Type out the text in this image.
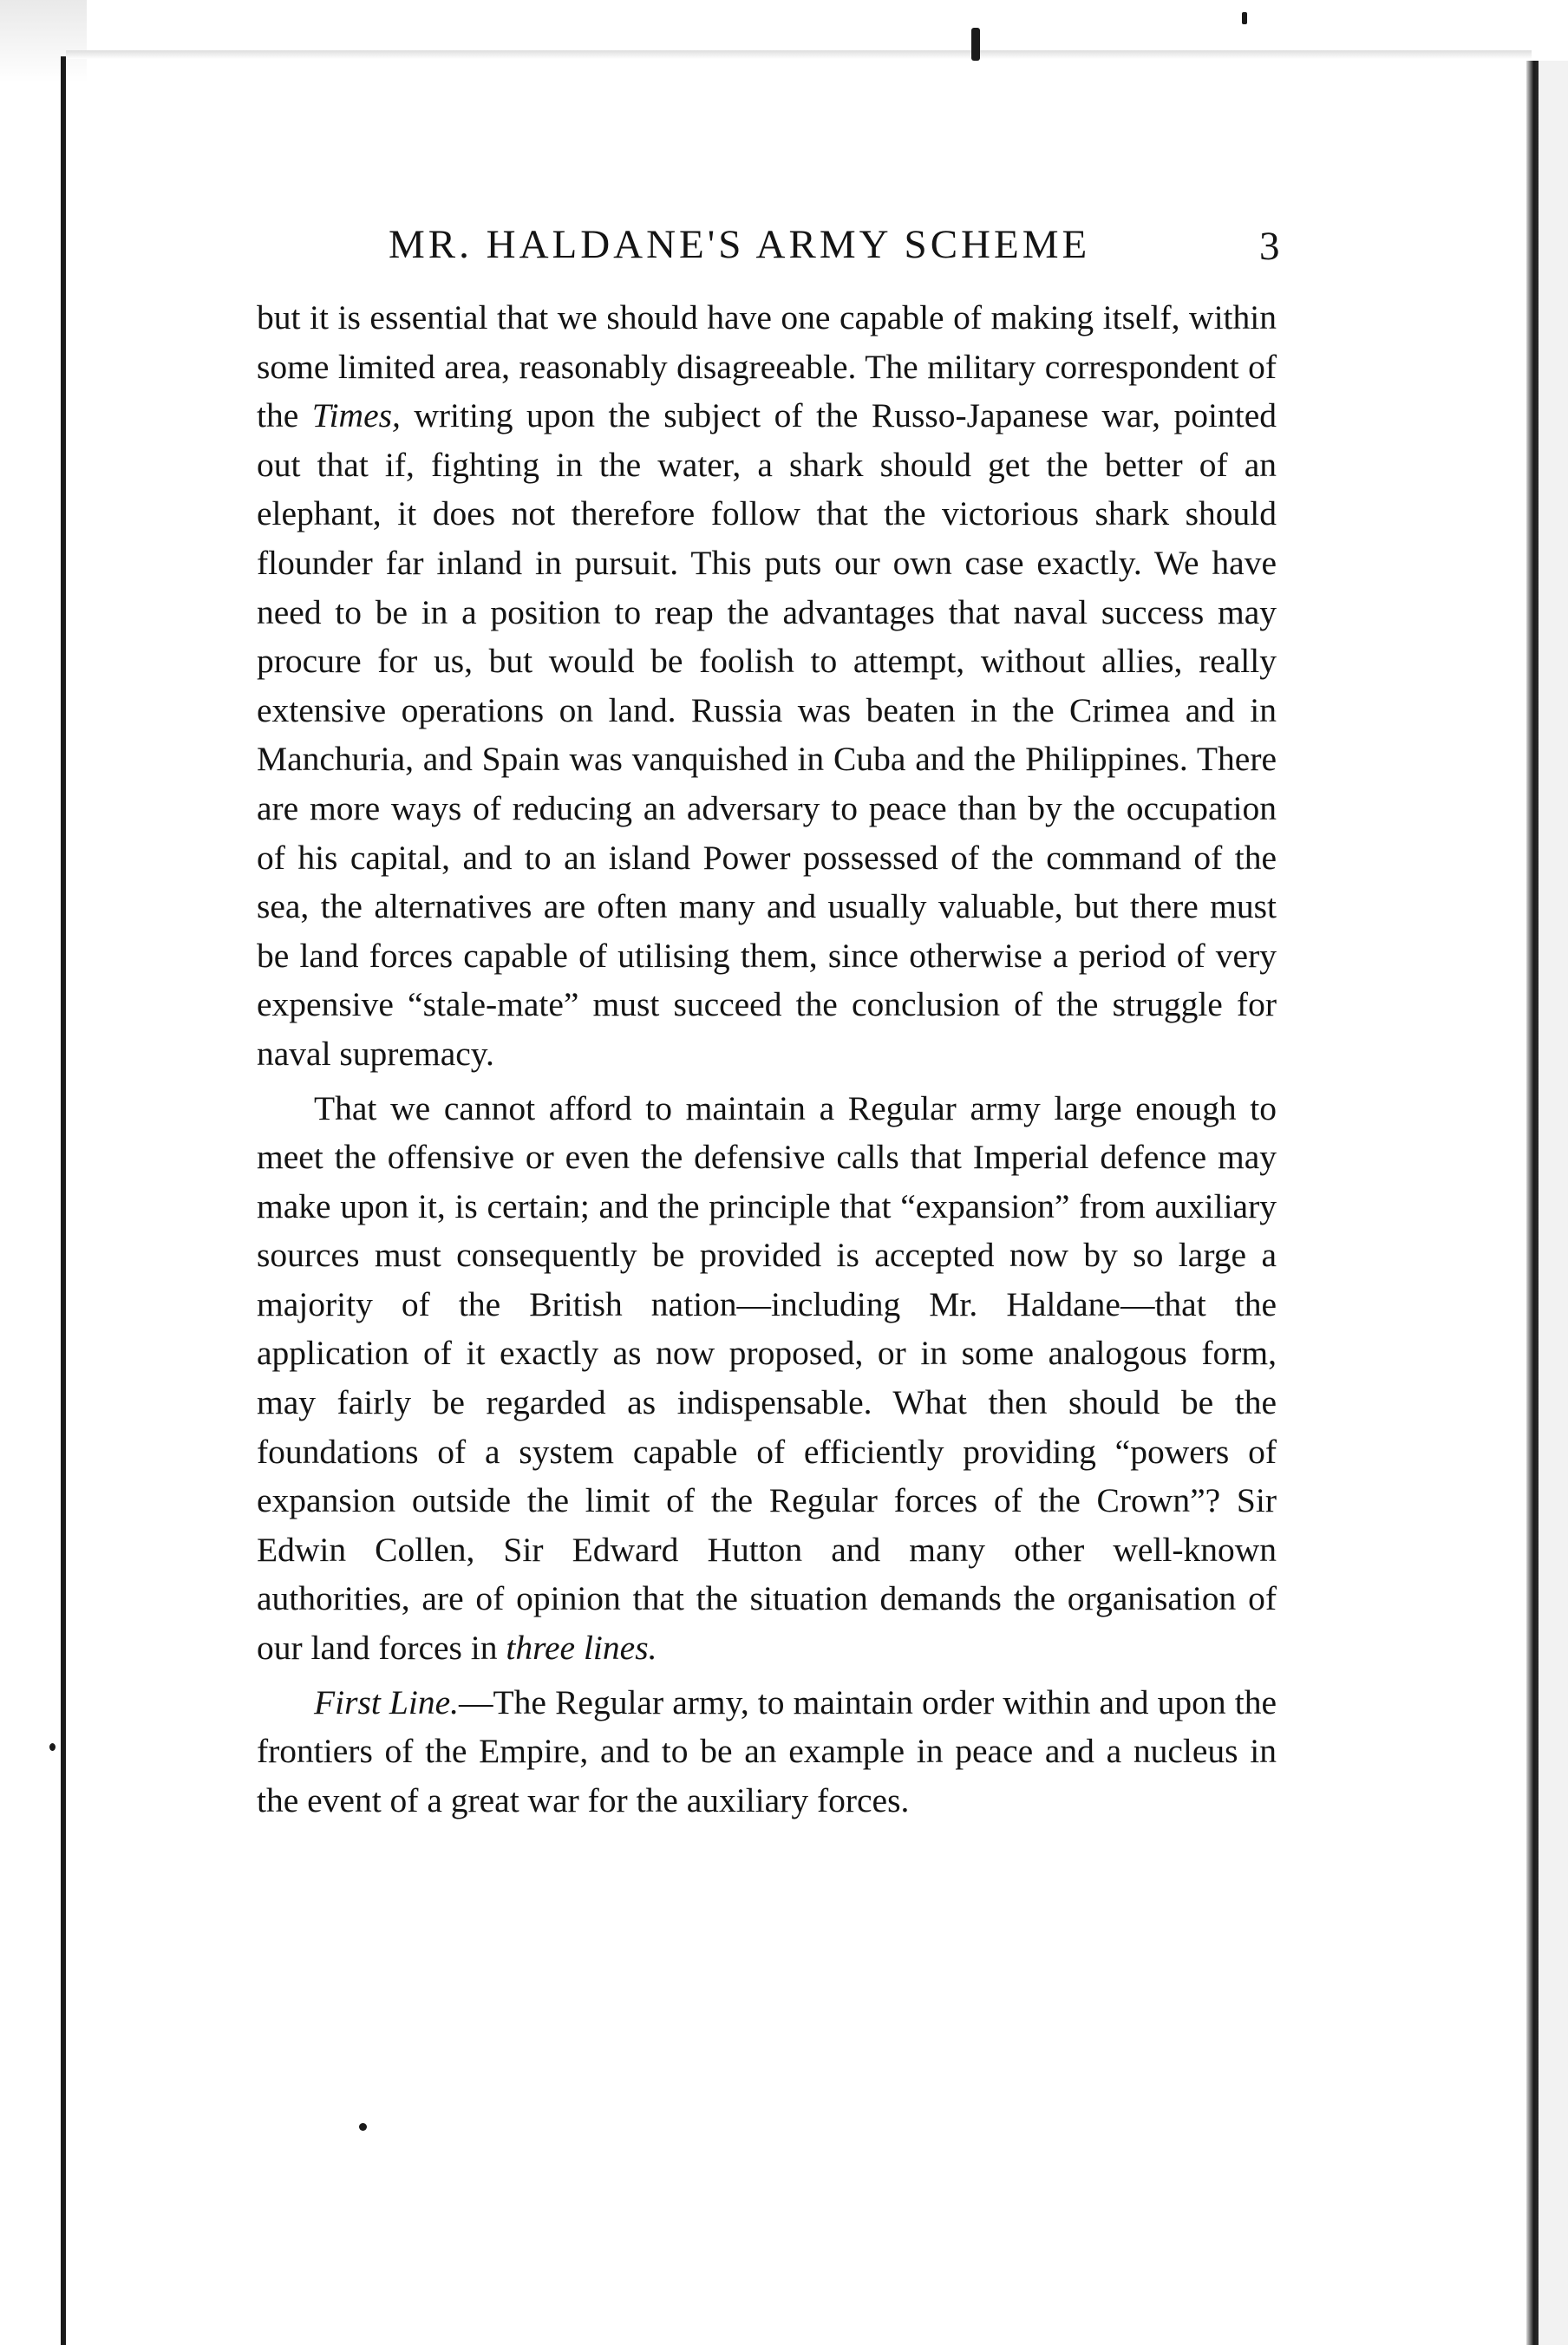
MR. HALDANE'S ARMY SCHEME	3

but it is essential that we should have one capable of making itself, within some limited area, reasonably disagreeable. The military correspondent of the Times, writing upon the subject of the Russo-Japanese war, pointed out that if, fighting in the water, a shark should get the better of an elephant, it does not therefore follow that the victorious shark should flounder far inland in pursuit. This puts our own case exactly. We have need to be in a position to reap the advantages that naval success may procure for us, but would be foolish to attempt, without allies, really extensive operations on land. Russia was beaten in the Crimea and in Manchuria, and Spain was vanquished in Cuba and the Philippines. There are more ways of reducing an adversary to peace than by the occupation of his capital, and to an island Power possessed of the command of the sea, the alternatives are often many and usually valuable, but there must be land forces capable of utilising them, since otherwise a period of very expensive “stale-mate” must succeed the conclusion of the struggle for naval supremacy.

That we cannot afford to maintain a Regular army large enough to meet the offensive or even the defensive calls that Imperial defence may make upon it, is certain; and the principle that “expansion” from auxiliary sources must consequently be provided is accepted now by so large a majority of the British nation—including Mr. Haldane—that the application of it exactly as now proposed, or in some analogous form, may fairly be regarded as indispensable. What then should be the foundations of a system capable of efficiently providing “powers of expansion outside the limit of the Regular forces of the Crown”? Sir Edwin Collen, Sir Edward Hutton and many other well-known authorities, are of opinion that the situation demands the organisation of our land forces in three lines.

First Line.—The Regular army, to maintain order within and upon the frontiers of the Empire, and to be an example in peace and a nucleus in the event of a great war for the auxiliary forces.
